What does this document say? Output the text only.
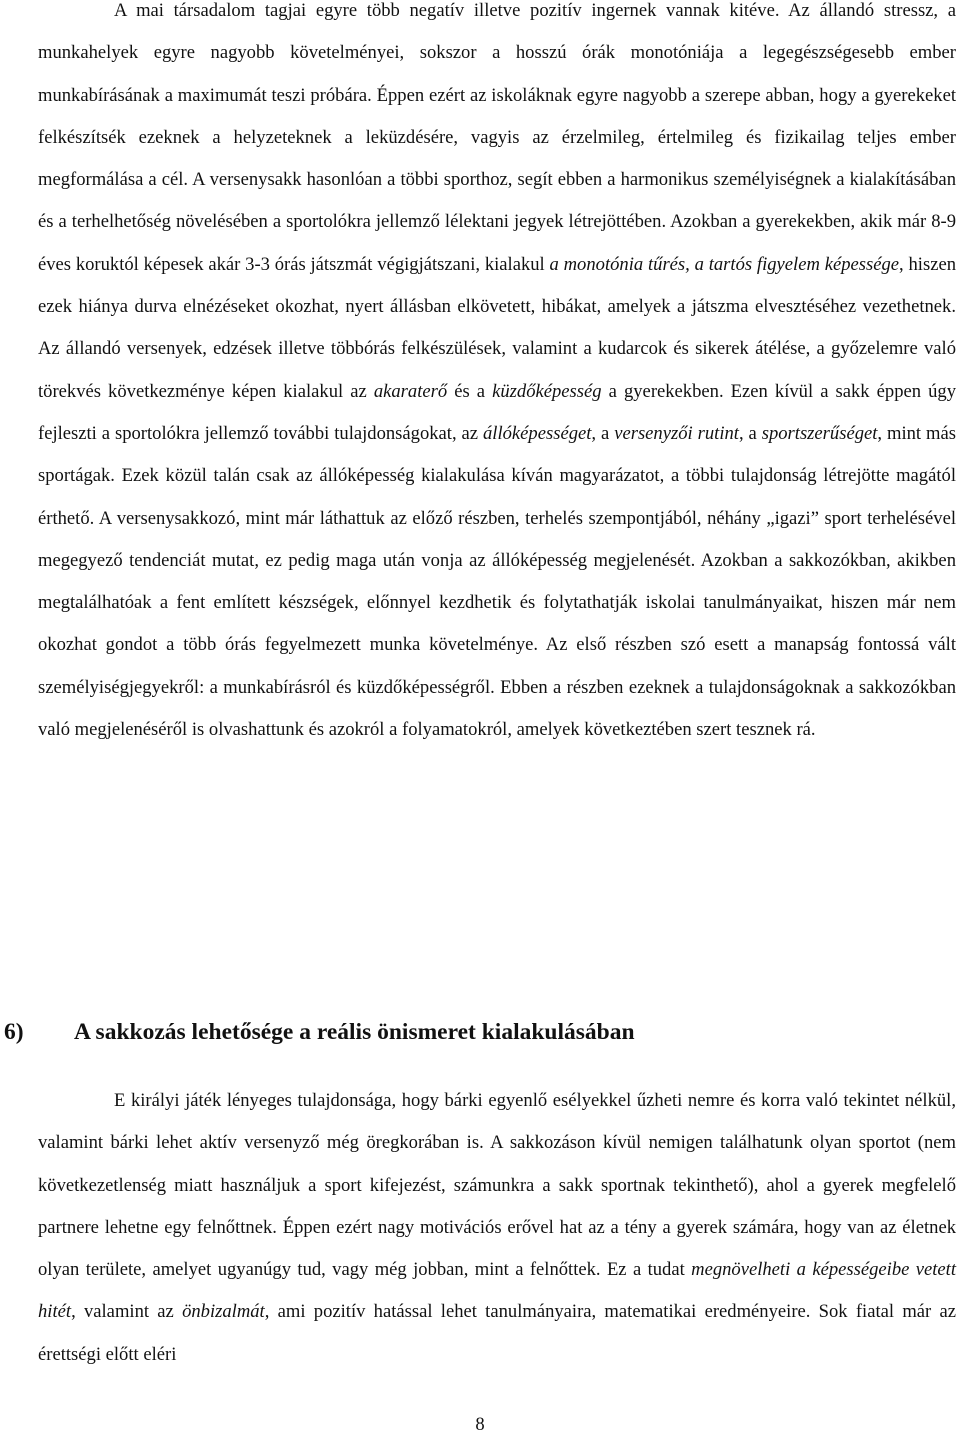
A mai társadalom tagjai egyre több negatív illetve pozitív ingernek vannak kitéve. Az állandó stressz, a munkahelyek egyre nagyobb követelményei, sokszor a hosszú órák monotóniája a legegészségesebb ember munkabírásának a maximumát teszi próbára. Éppen ezért az iskoláknak egyre nagyobb a szerepe abban, hogy a gyerekeket felkészítsék ezeknek a helyzeteknek a leküzdésére, vagyis az érzelmileg, értelmileg és fizikailag teljes ember megformálása a cél. A versenysakk hasonlóan a többi sporthoz, segít ebben a harmonikus személyiségnek a kialakításában és a terhelhetőség növelésében a sportolókra jellemző lélektani jegyek létrejöttében. Azokban a gyerekekben, akik már 8-9 éves koruktól képesek akár 3-3 órás játszmát végigjátszani, kialakul a monotónia tűrés, a tartós figyelem képessége, hiszen ezek hiánya durva elnézéseket okozhat, nyert állásban elkövetett, hibákat, amelyek a játszma elvesztéséhez vezethetnek. Az állandó versenyek, edzések illetve többórás felkészülések, valamint a kudarcok és sikerek átélése, a győzelemre való törekvés következménye képen kialakul az akaraterő és a küzdőképesség a gyerekekben. Ezen kívül a sakk éppen úgy fejleszti a sportolókra jellemző további tulajdonságokat, az állóképességet, a versenyzői rutint, a sportszerűséget, mint más sportágak. Ezek közül talán csak az állóképesség kialakulása kíván magyarázatot, a többi tulajdonság létrejötte magától érthető. A versenysakkozó, mint már láthattuk az előző részben, terhelés szempontjából, néhány „igazi” sport terhelésével megegyező tendenciát mutat, ez pedig maga után vonja az állóképesség megjelenését. Azokban a sakkozókban, akikben megtalálhatóak a fent említett készségek, előnnyel kezdhetik és folytathatják iskolai tanulmányaikat, hiszen már nem okozhat gondot a több órás fegyelmezett munka követelménye. Az első részben szó esett a manapság fontossá vált személyiségjegyekről: a munkabírásról és küzdőképességről. Ebben a részben ezeknek a tulajdonságoknak a sakkozókban való megjelenéséről is olvashattunk és azokról a folyamatokról, amelyek következtében szert tesznek rá.

6) A sakkozás lehetősége a reális önismeret kialakulásában

E királyi játék lényeges tulajdonsága, hogy bárki egyenlő esélyekkel űzheti nemre és korra való tekintet nélkül, valamint bárki lehet aktív versenyző még öregkorában is. A sakkozáson kívül nemigen találhatunk olyan sportot (nem következetlenség miatt használjuk a sport kifejezést, számunkra a sakk sportnak tekinthető), ahol a gyerek megfelelő partnere lehetne egy felnőttnek. Éppen ezért nagy motivációs erővel hat az a tény a gyerek számára, hogy van az életnek olyan területe, amelyet ugyanúgy tud, vagy még jobban, mint a felnőttek. Ez a tudat megnövelheti a képességeibe vetett hitét, valamint az önbizalmát, ami pozitív hatással lehet tanulmányaira, matematikai eredményeire. Sok fiatal már az érettségi előtt eléri

8
